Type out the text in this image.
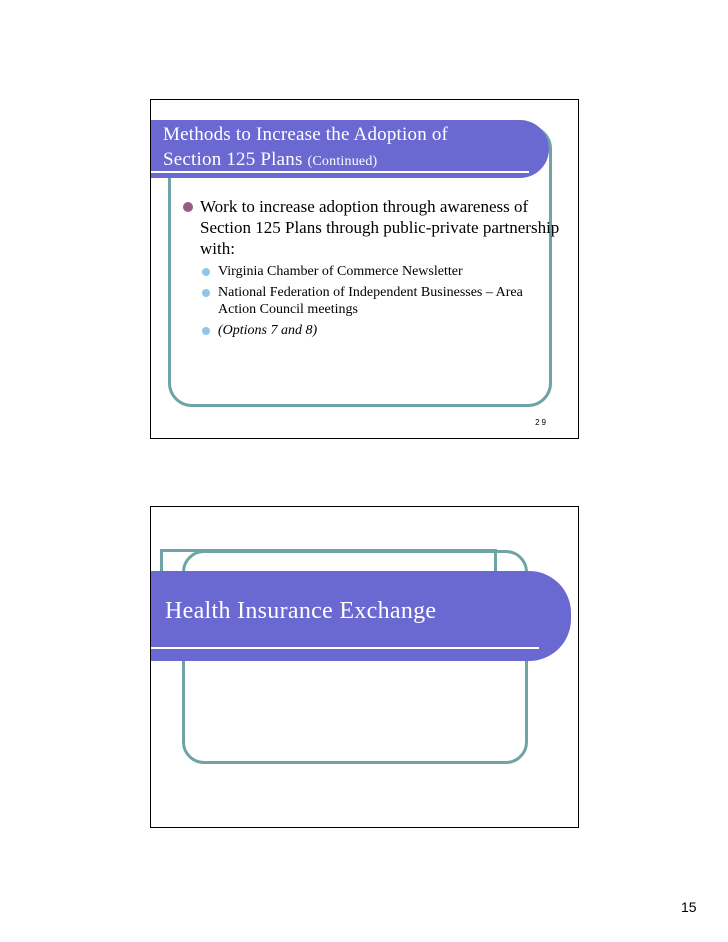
Methods to Increase the Adoption of
Section 125 Plans (Continued)
Work to increase adoption through awareness of Section 125 Plans through public-private partnership with:
Virginia Chamber of Commerce Newsletter
National Federation of Independent Businesses – Area Action Council meetings
(Options 7 and 8)
29
Health Insurance Exchange
15
